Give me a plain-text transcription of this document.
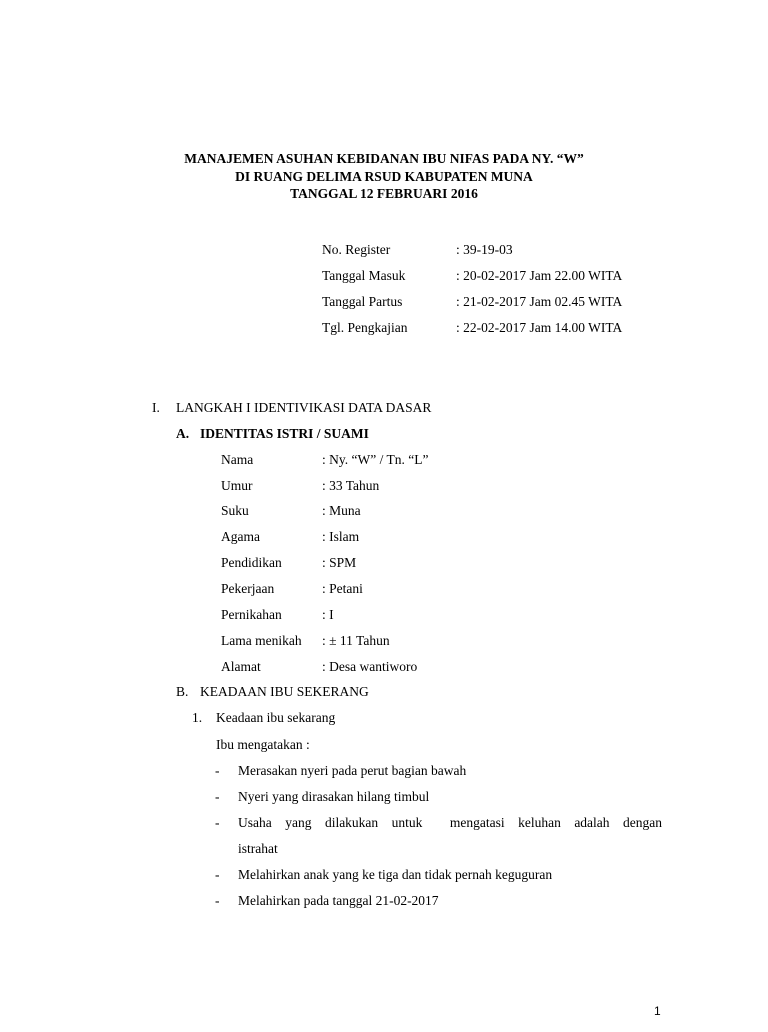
MANAJEMEN ASUHAN KEBIDANAN IBU NIFAS PADA NY. “W”
DI RUANG DELIMA RSUD KABUPATEN MUNA
TANGGAL 12 FEBRUARI 2016
No. Register	: 39-19-03
Tanggal Masuk	: 20-02-2017 Jam 22.00 WITA
Tanggal Partus	: 21-02-2017 Jam 02.45 WITA
Tgl. Pengkajian	: 22-02-2017 Jam 14.00 WITA
I. LANGKAH I IDENTIVIKASI DATA DASAR
A. IDENTITAS ISTRI / SUAMI
Nama	: Ny. “W” / Tn. “L”
Umur	: 33 Tahun
Suku	: Muna
Agama	: Islam
Pendidikan	: SPM
Pekerjaan	: Petani
Pernikahan	: I
Lama menikah : ± 11 Tahun
Alamat	: Desa wantiworo
B. KEADAAN IBU SEKERANG
1. Keadaan ibu sekarang
Ibu mengatakan :
- Merasakan nyeri pada perut bagian bawah
- Nyeri yang dirasakan hilang timbul
- Usaha yang dilakukan untuk mengatasi keluhan adalah dengan
istrahat
- Melahirkan anak yang ke tiga dan tidak pernah keguguran
- Melahirkan pada tanggal 21-02-2017
1
